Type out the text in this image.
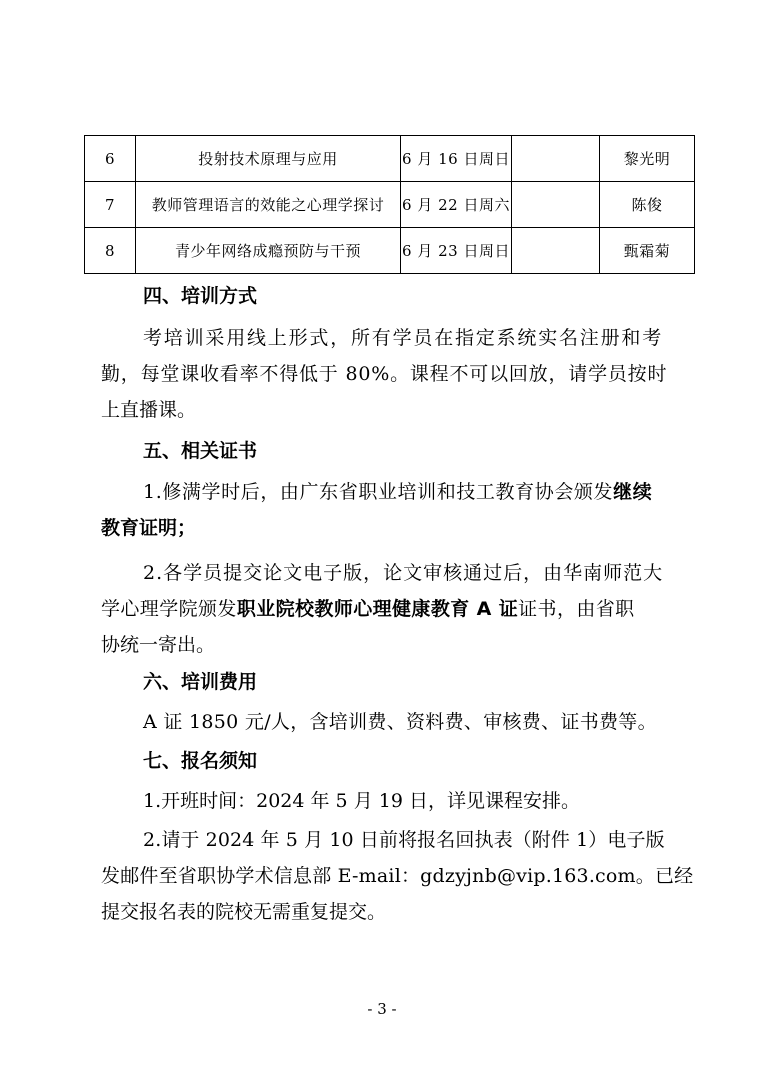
6	投射技术原理与应用	6 月 16 日周日		黎光明
7	教师管理语言的效能之心理学探讨	6 月 22 日周六		陈俊
8	青少年网络成瘾预防与干预	6 月 23 日周日		甄霜菊
四、培训方式
考培训采用线上形式，所有学员在指定系统实名注册和考
勤，每堂课收看率不得低于 80%。课程不可以回放，请学员按时
上直播课。
五、相关证书
1.修满学时后，由广东省职业培训和技工教育协会颁发继续
教育证明；
2.各学员提交论文电子版，论文审核通过后，由华南师范大
学心理学院颁发职业院校教师心理健康教育 A 证证书，由省职
协统一寄出。
六、培训费用
A 证 1850 元/人，含培训费、资料费、审核费、证书费等。
七、报名须知
1.开班时间：2024 年 5 月 19 日，详见课程安排。
2.请于 2024 年 5 月 10 日前将报名回执表（附件 1）电子版
发邮件至省职协学术信息部 E-mail：gdzyjnb@vip.163.com。已经
提交报名表的院校无需重复提交。
- 3 -
